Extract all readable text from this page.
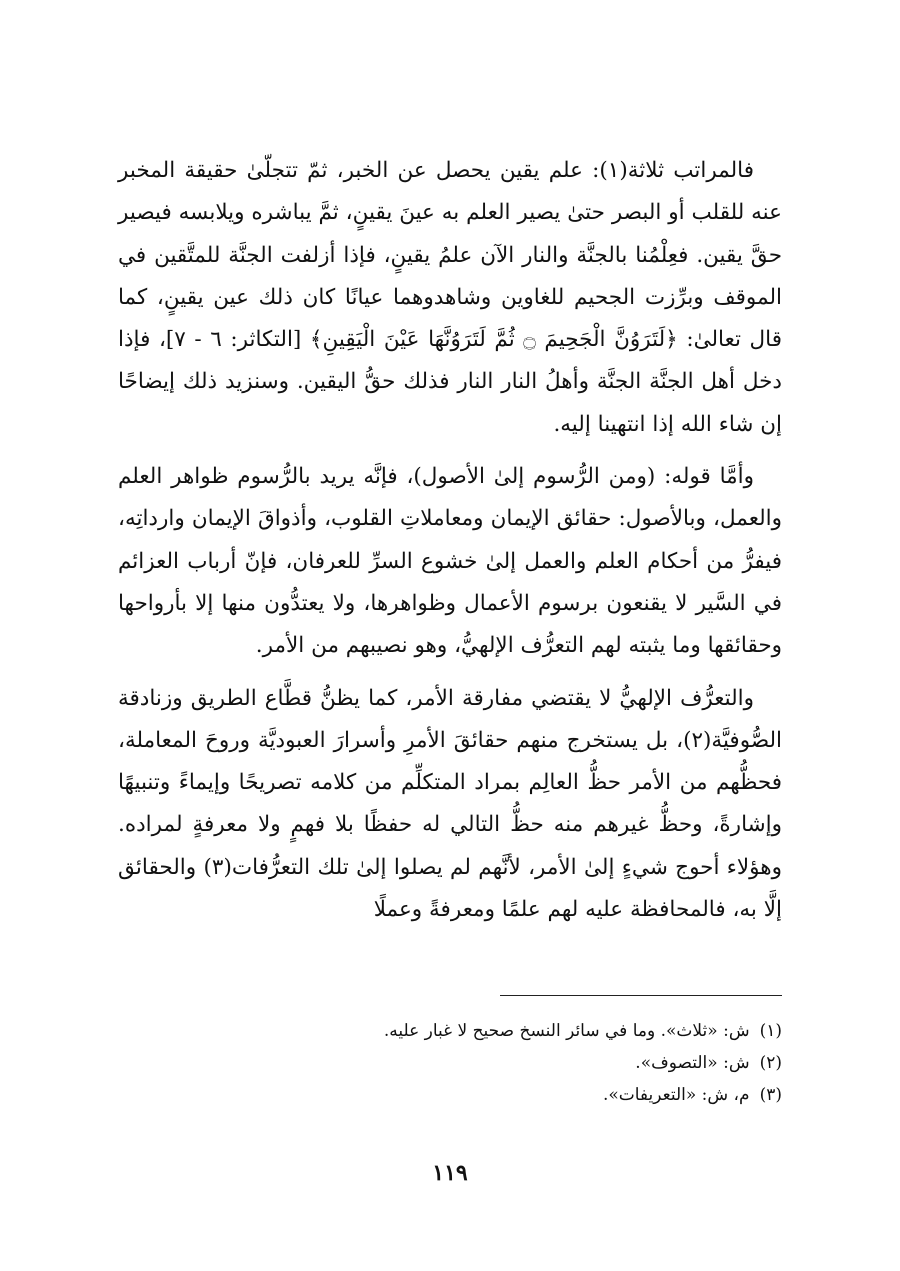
فالمراتب ثلاثة(١): علم يقين يحصل عن الخبر، ثمّ تتجلّىٰ حقيقة المخبر عنه للقلب أو البصر حتىٰ يصير العلم به عينَ يقينٍ، ثمَّ يباشره ويلابسه فيصير حقَّ يقين. فعِلْمُنا بالجنَّة والنار الآن علمُ يقينٍ، فإذا أزلفت الجنَّة للمتَّقين في الموقف وبرِّزت الجحيم للغاوين وشاهدوهما عيانًا كان ذلك عين يقينٍ، كما قال تعالىٰ: ﴿لَتَرَوُنَّ الْجَحِيمَ ۝ ثُمَّ لَتَرَوُنَّهَا عَيْنَ الْيَقِينِ﴾ [التكاثر: ٦ - ٧]، فإذا دخل أهل الجنَّة الجنَّة وأهلُ النار النار فذلك حقُّ اليقين. وسنزيد ذلك إيضاحًا إن شاء الله إذا انتهينا إليه.

وأمَّا قوله: (ومن الرُّسوم إلىٰ الأصول)، فإنَّه يريد بالرُّسوم ظواهر العلم والعمل، وبالأصول: حقائق الإيمان ومعاملاتِ القلوب، وأذواقَ الإيمان وارداتِه، فيفرُّ من أحكام العلم والعمل إلىٰ خشوع السرِّ للعرفان، فإنّ أرباب العزائم في السَّير لا يقنعون برسوم الأعمال وظواهرها، ولا يعتدُّون منها إلا بأرواحها وحقائقها وما يثبته لهم التعرُّف الإلهيُّ، وهو نصيبهم من الأمر.

والتعرُّف الإلهيُّ لا يقتضي مفارقة الأمر، كما يظنُّ قطَّاع الطريق وزنادقة الصُّوفيَّة(٢)، بل يستخرج منهم حقائقَ الأمرِ وأسرارَ العبوديَّة وروحَ المعاملة، فحظُّهم من الأمر حظُّ العالِم بمراد المتكلِّم من كلامه تصريحًا وإيماءً وتنبيهًا وإشارةً، وحظُّ غيرهم منه حظُّ التالي له حفظًا بلا فهمٍ ولا معرفةٍ لمراده. وهؤلاء أحوج شيءٍ إلىٰ الأمر، لأنَّهم لم يصلوا إلىٰ تلك التعرُّفات(٣) والحقائق إلَّا به، فالمحافظة عليه لهم علمًا ومعرفةً وعملًا

(١)ش: «ثلاث». وما في سائر النسخ صحيح لا غبار عليه.
(٢)ش: «التصوف».
(٣)م، ش: «التعريفات».
١١٩
